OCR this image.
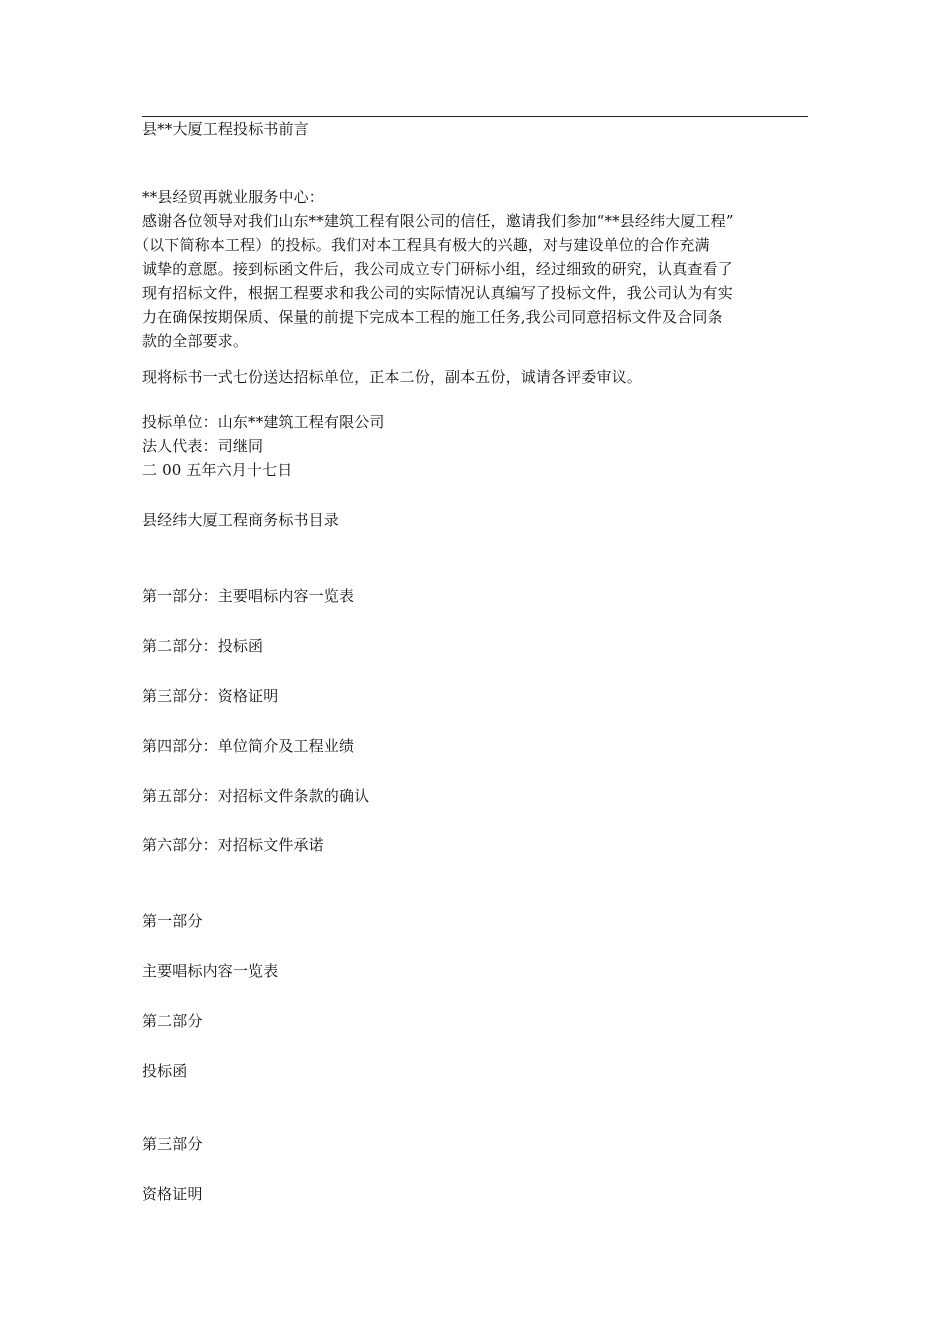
县**大厦工程投标书前言
**县经贸再就业服务中心：
感谢各位领导对我们山东**建筑工程有限公司的信任，邀请我们参加“**县经纬大厦工程”
（以下简称本工程）的投标。我们对本工程具有极大的兴趣，对与建设单位的合作充满
诚挚的意愿。接到标函文件后，我公司成立专门研标小组，经过细致的研究，认真查看了
现有招标文件，根据工程要求和我公司的实际情况认真编写了投标文件，我公司认为有实
力在确保按期保质、保量的前提下完成本工程的施工任务,我公司同意招标文件及合同条
款的全部要求。
现将标书一式七份送达招标单位，正本二份，副本五份，诚请各评委审议。
投标单位：山东**建筑工程有限公司
法人代表：司继同
二 00 五年六月十七日
县经纬大厦工程商务标书目录
第一部分：主要唱标内容一览表
第二部分：投标函
第三部分：资格证明
第四部分：单位简介及工程业绩
第五部分：对招标文件条款的确认
第六部分：对招标文件承诺
第一部分
主要唱标内容一览表
第二部分
投标函
第三部分
资格证明
